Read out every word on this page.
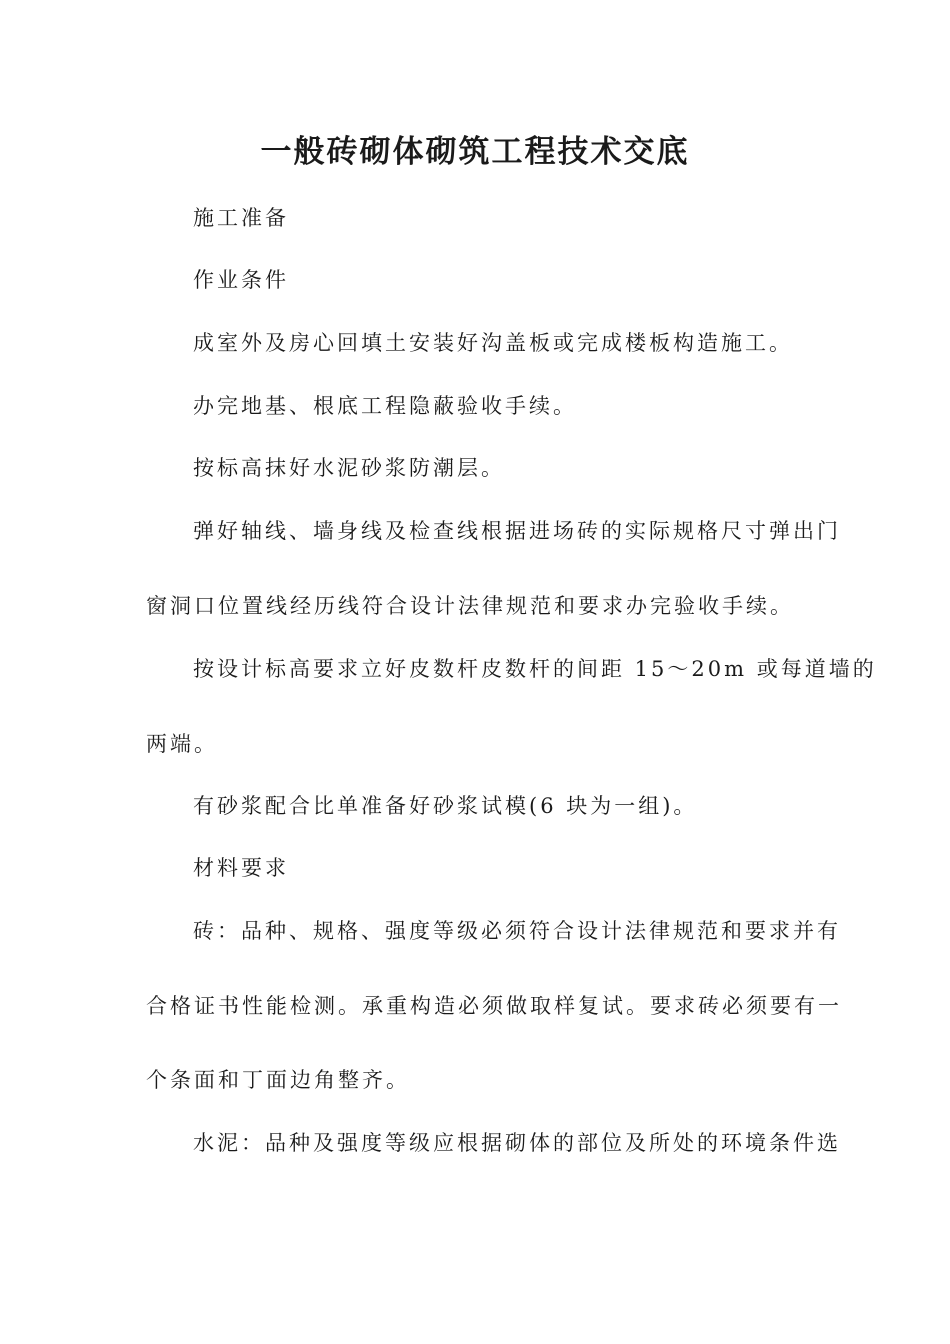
一般砖砌体砌筑工程技术交底
施工准备
作业条件
成室外及房心回填土安装好沟盖板或完成楼板构造施工。
办完地基、根底工程隐蔽验收手续。
按标高抹好水泥砂浆防潮层。
弹好轴线、墙身线及检查线根据进场砖的实际规格尺寸弹出门
窗洞口位置线经历线符合设计法律规范和要求办完验收手续。
按设计标高要求立好皮数杆皮数杆的间距 15～20m 或每道墙的
两端。
有砂浆配合比单准备好砂浆试模(6 块为一组)。
材料要求
砖：品种、规格、强度等级必须符合设计法律规范和要求并有
合格证书性能检测。承重构造必须做取样复试。要求砖必须要有一
个条面和丁面边角整齐。
水泥：品种及强度等级应根据砌体的部位及所处的环境条件选
